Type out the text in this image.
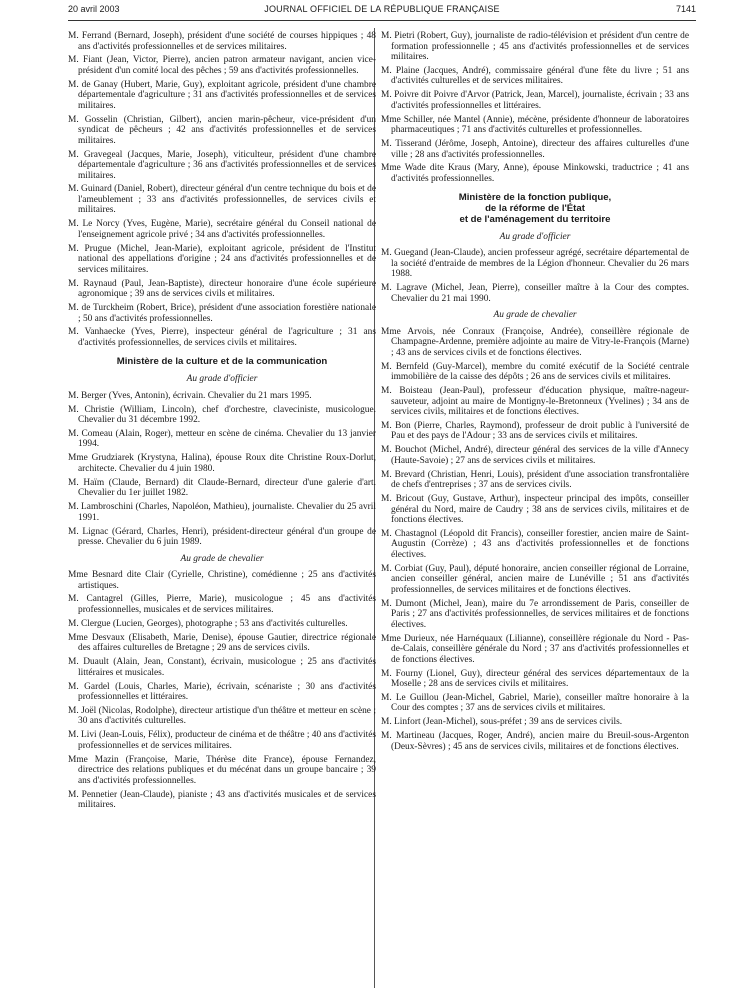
20 avril 2003	JOURNAL OFFICIEL DE LA RÉPUBLIQUE FRANÇAISE	7141

M. Ferrand (Bernard, Joseph), président d'une société de courses hippiques ; 48 ans d'activités professionnelles et de services militaires.

M. Fiant (Jean, Victor, Pierre), ancien patron armateur navigant, ancien vice-président d'un comité local des pêches ; 59 ans d'activités professionnelles.

M. de Ganay (Hubert, Marie, Guy), exploitant agricole, président d'une chambre départementale d'agriculture ; 31 ans d'activités professionnelles et de services militaires.

M. Gosselin (Christian, Gilbert), ancien marin-pêcheur, vice-président d'un syndicat de pêcheurs ; 42 ans d'activités professionnelles et de services militaires.

M. Gravegeal (Jacques, Marie, Joseph), viticulteur, président d'une chambre départementale d'agriculture ; 36 ans d'activités professionnelles et de services militaires.

M. Guinard (Daniel, Robert), directeur général d'un centre technique du bois et de l'ameublement ; 33 ans d'activités professionnelles, de services civils et militaires.

M. Le Norcy (Yves, Eugène, Marie), secrétaire général du Conseil national de l'enseignement agricole privé ; 34 ans d'activités professionnelles.

M. Prugue (Michel, Jean-Marie), exploitant agricole, président de l'Institut national des appellations d'origine ; 24 ans d'activités professionnelles et de services militaires.

M. Raynaud (Paul, Jean-Baptiste), directeur honoraire d'une école supérieure agronomique ; 39 ans de services civils et militaires.

M. de Turckheim (Robert, Brice), président d'une association forestière nationale ; 50 ans d'activités professionnelles.

M. Vanhaecke (Yves, Pierre), inspecteur général de l'agriculture ; 31 ans d'activités professionnelles, de services civils et militaires.

Ministère de la culture et de la communication
Au grade d'officier

M. Berger (Yves, Antonin), écrivain. Chevalier du 21 mars 1995.

M. Christie (William, Lincoln), chef d'orchestre, claveciniste, musicologue. Chevalier du 31 décembre 1992.

M. Comeau (Alain, Roger), metteur en scène de cinéma. Chevalier du 13 janvier 1994.

Mme Grudziarek (Krystyna, Halina), épouse Roux dite Christine Roux-Dorlut, architecte. Chevalier du 4 juin 1980.

M. Haïm (Claude, Bernard) dit Claude-Bernard, directeur d'une galerie d'art. Chevalier du 1er juillet 1982.

M. Lambroschini (Charles, Napoléon, Mathieu), journaliste. Chevalier du 25 avril 1991.

M. Lignac (Gérard, Charles, Henri), président-directeur général d'un groupe de presse. Chevalier du 6 juin 1989.

Au grade de chevalier

Mme Besnard dite Clair (Cyrielle, Christine), comédienne ; 25 ans d'activités artistiques.

M. Cantagrel (Gilles, Pierre, Marie), musicologue ; 45 ans d'activités professionnelles, musicales et de services militaires.

M. Clergue (Lucien, Georges), photographe ; 53 ans d'activités culturelles.

Mme Desvaux (Elisabeth, Marie, Denise), épouse Gautier, directrice régionale des affaires culturelles de Bretagne ; 29 ans de services civils.

M. Duault (Alain, Jean, Constant), écrivain, musicologue ; 25 ans d'activités littéraires et musicales.

M. Gardel (Louis, Charles, Marie), écrivain, scénariste ; 30 ans d'activités professionnelles et littéraires.

M. Joël (Nicolas, Rodolphe), directeur artistique d'un théâtre et metteur en scène ; 30 ans d'activités culturelles.

M. Livi (Jean-Louis, Félix), producteur de cinéma et de théâtre ; 40 ans d'activités professionnelles et de services militaires.

Mme Mazin (Françoise, Marie, Thérèse dite France), épouse Fernandez, directrice des relations publiques et du mécénat dans un groupe bancaire ; 39 ans d'activités professionnelles.

M. Pennetier (Jean-Claude), pianiste ; 43 ans d'activités musicales et de services militaires.

M. Pietri (Robert, Guy), journaliste de radio-télévision et président d'un centre de formation professionnelle ; 45 ans d'activités professionnelles et de services militaires.

M. Plaine (Jacques, André), commissaire général d'une fête du livre ; 51 ans d'activités culturelles et de services militaires.

M. Poivre dit Poivre d'Arvor (Patrick, Jean, Marcel), journaliste, écrivain ; 33 ans d'activités professionnelles et littéraires.

Mme Schiller, née Mantel (Annie), mécène, présidente d'honneur de laboratoires pharmaceutiques ; 71 ans d'activités culturelles et professionnelles.

M. Tisserand (Jérôme, Joseph, Antoine), directeur des affaires culturelles d'une ville ; 28 ans d'activités professionnelles.

Mme Wade dite Kraus (Mary, Anne), épouse Minkowski, traductrice ; 41 ans d'activités professionnelles.

Ministère de la fonction publique,
de la réforme de l'État
et de l'aménagement du territoire
Au grade d'officier

M. Guegand (Jean-Claude), ancien professeur agrégé, secrétaire départemental de la société d'entraide de membres de la Légion d'honneur. Chevalier du 26 mars 1988.

M. Lagrave (Michel, Jean, Pierre), conseiller maître à la Cour des comptes. Chevalier du 21 mai 1990.

Au grade de chevalier

Mme Arvois, née Conraux (Françoise, Andrée), conseillère régionale de Champagne-Ardenne, première adjointe au maire de Vitry-le-François (Marne) ; 43 ans de services civils et de fonctions électives.

M. Bernfeld (Guy-Marcel), membre du comité exécutif de la Société centrale immobilière de la caisse des dépôts ; 26 ans de services civils et militaires.

M. Boisteau (Jean-Paul), professeur d'éducation physique, maître-nageur-sauveteur, adjoint au maire de Montigny-le-Bretonneux (Yvelines) ; 34 ans de services civils, militaires et de fonctions électives.

M. Bon (Pierre, Charles, Raymond), professeur de droit public à l'université de Pau et des pays de l'Adour ; 33 ans de services civils et militaires.

M. Bouchot (Michel, André), directeur général des services de la ville d'Annecy (Haute-Savoie) ; 27 ans de services civils et militaires.

M. Brevard (Christian, Henri, Louis), président d'une association transfrontalière de chefs d'entreprises ; 37 ans de services civils.

M. Bricout (Guy, Gustave, Arthur), inspecteur principal des impôts, conseiller général du Nord, maire de Caudry ; 38 ans de services civils, militaires et de fonctions électives.

M. Chastagnol (Léopold dit Francis), conseiller forestier, ancien maire de Saint-Augustin (Corrèze) ; 43 ans d'activités professionnelles et de fonctions électives.

M. Corbiat (Guy, Paul), député honoraire, ancien conseiller régional de Lorraine, ancien conseiller général, ancien maire de Lunéville ; 51 ans d'activités professionnelles, de services militaires et de fonctions électives.

M. Dumont (Michel, Jean), maire du 7e arrondissement de Paris, conseiller de Paris ; 27 ans d'activités professionnelles, de services militaires et de fonctions électives.

Mme Durieux, née Harnéquaux (Lilianne), conseillère régionale du Nord - Pas-de-Calais, conseillère générale du Nord ; 37 ans d'activités professionnelles et de fonctions électives.

M. Fourny (Lionel, Guy), directeur général des services départementaux de la Moselle ; 28 ans de services civils et militaires.

M. Le Guillou (Jean-Michel, Gabriel, Marie), conseiller maître honoraire à la Cour des comptes ; 37 ans de services civils et militaires.

M. Linfort (Jean-Michel), sous-préfet ; 39 ans de services civils.

M. Martineau (Jacques, Roger, André), ancien maire du Breuil-sous-Argenton (Deux-Sèvres) ; 45 ans de services civils, militaires et de fonctions électives.
